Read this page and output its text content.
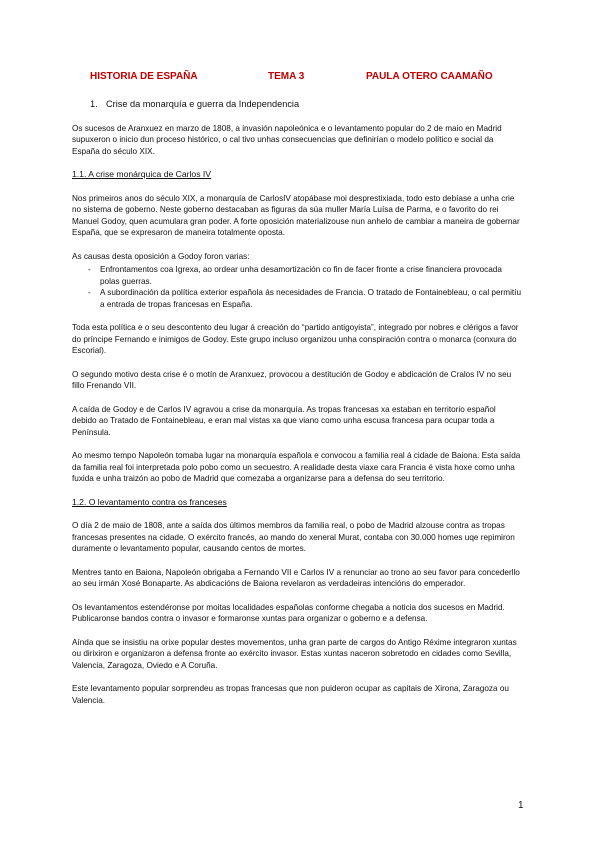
HISTORIA DE ESPAÑA	TEMA 3	PAULA OTERO CAAMAÑO

1. Crise da monarquía e guerra da Independencia

Os sucesos de Aranxuez en marzo de 1808, a invasión napoleónica e o levantamento popular do 2 de maio en Madrid supuxeron o inicio dun proceso histórico, o cal tivo unhas consecuencias que definirían o modelo político e social da España do século XIX.

1.1. A crise monárquica de Carlos IV

Nos primeiros anos do século XIX, a monarquía de CarlosIV atopábase moi desprestixiada, todo esto debíase a unha crie no sistema de goberno. Neste goberno destacaban as figuras da súa muller María Luísa de Parma, e o favorito do rei Manuel Godoy, quen acumulara gran poder. A forte oposición materializouse nun anhelo de cambiar a maneira de gobernar España, que se expresaron de maneira totalmente oposta.

As causas desta oposición a Godoy foron varias:

- Enfrontamentos coa Igrexa, ao ordear unha desamortización co fin de facer fronte a crise financiera provocada polas guerras.
- A subordinación da política exterior española ás necesidades de Francia. O tratado de Fontainebleau, o cal permitíu a entrada de tropas francesas en España.

Toda esta política e o seu descontento deu lugar á creación do “partido antigoyista”, integrado por nobres e clérigos a favor do príncipe Fernando e inimigos de Godoy. Este grupo incluso organizou unha conspiración contra o monarca (conxura do Escorial).

O segundo motivo desta crise é o motín de Aranxuez, provocou a destitución de Godoy e abdicación de Cralos IV no seu fillo Frenando VII.

A caída de Godoy e de Carlos IV agravou a crise da monarquía. As tropas francesas xa estaban en territorio español debido ao Tratado de Fontainebleau, e eran mal vistas xa que viano como unha escusa francesa para ocupar toda a Península.

Ao mesmo tempo Napoleón tomaba lugar na monarquía española e convocou a familia real á cidade de Baiona. Esta saída da familia real foi interpretada polo pobo como un secuestro. A realidade desta viaxe cara Francia é vista hoxe como unha fuxida e unha traizón ao pobo de Madrid que comezaba a organizarse para a defensa do seu territorio.

1.2. O levantamento contra os franceses

O día 2 de maio de 1808, ante a saída dos últimos membros da familia real, o pobo de Madrid alzouse contra as tropas francesas presentes na cidade. O exército francés, ao mando do xeneral Murat, contaba con 30.000 homes uqe repimiron duramente o levantamento popular, causando centos de mortes.

Mentres tanto en Baiona, Napoleón obrigaba a Fernando VII e Carlos IV a renunciar ao trono ao seu favor para concederllo ao seu irmán Xosé Bonaparte. As abdicacións de Baiona revelaron as verdadeiras intencións do emperador.

Os levantamentos estendéronse por moitas localidades españolas conforme chegaba a noticia dos sucesos en Madrid. Publicaronse bandos contra o invasor e formaronse xuntas para organizar o goberno e a defensa.

Aínda que se insistiu na orixe popular destes movementos, unha gran parte de cargos do Antigo Réxime integraron xuntas ou dirixiron e organizaron a defensa fronte ao exército invasor. Estas xuntas naceron sobretodo en cidades como Sevilla, Valencia, Zaragoza, Oviedo e A Coruña.

Este levantamento popular sorprendeu as tropas francesas que non puideron ocupar as capitais de Xirona, Zaragoza ou Valencia.

1
